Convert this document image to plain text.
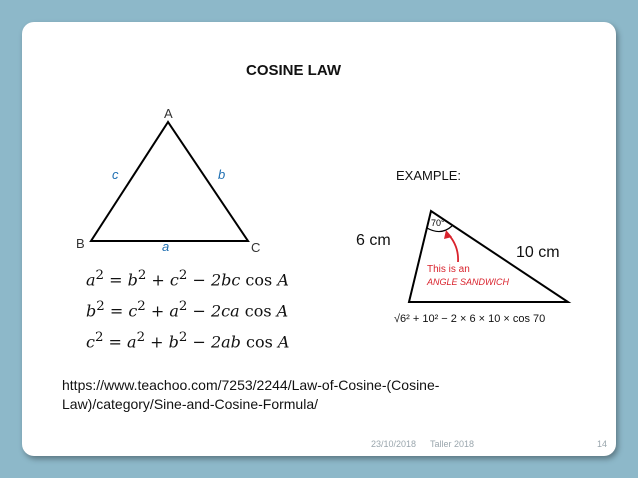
COSINE LAW
A
B	C
c	b
a
70°
6 cm
10 cm
This is an
ANGLE SANDWICH
√6² + 10² − 2 × 6 × 10 × cos 70
EXAMPLE:
$a^2 = b^2 + c^2 - 2bc$ cos A
$b^2 = c^2 + a^2 - 2ca$ cos A
$c^2 = a^2 + b^2 - 2ab$ cos A
https://www.teachoo.com/7253/2244/Law-of-Cosine-(Cosine-
Law)/category/Sine-and-Cosine-Formula/
23/10/2018 Taller 2018	14
